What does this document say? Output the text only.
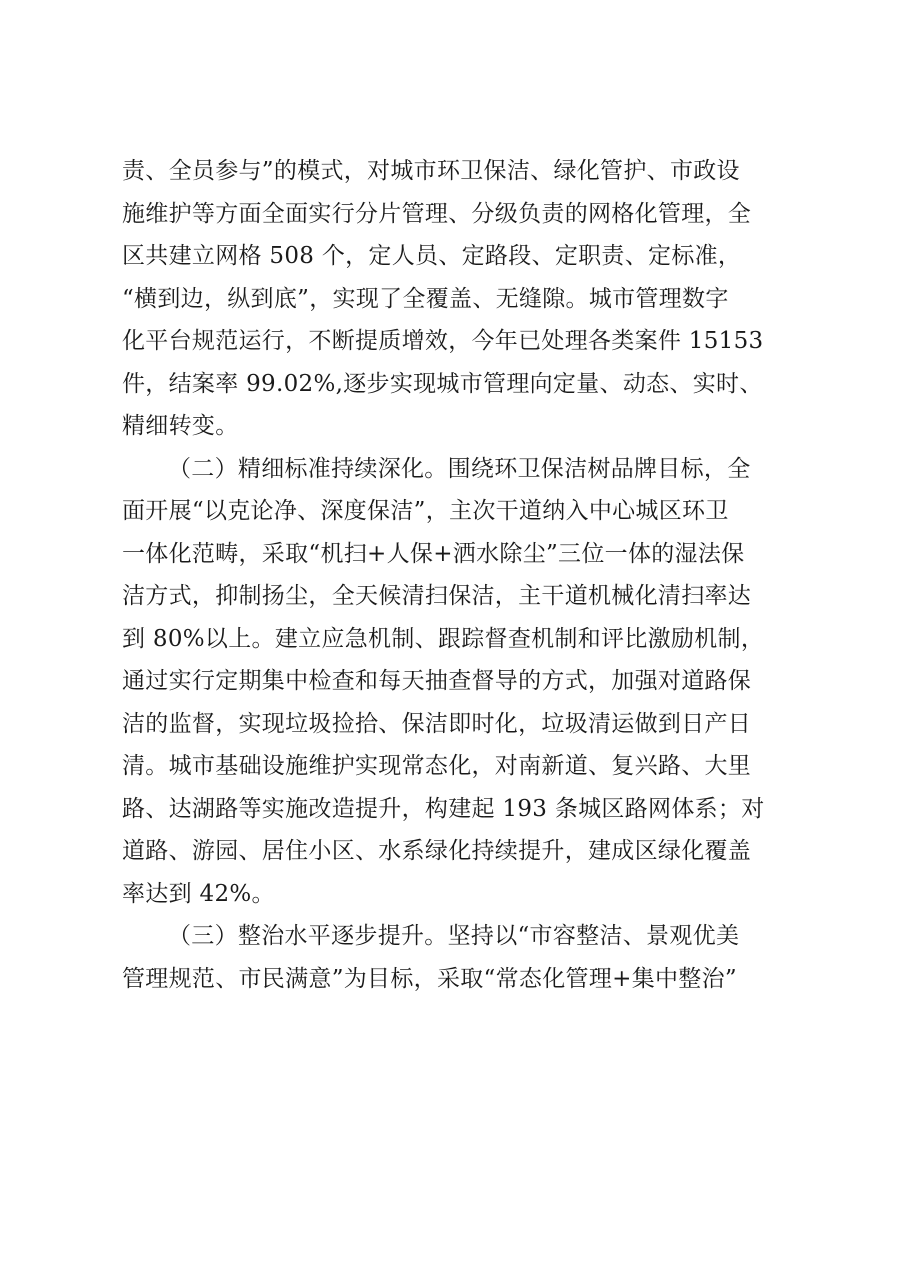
责、全员参与”的模式，对城市环卫保洁、绿化管护、市政设
施维护等方面全面实行分片管理、分级负责的网格化管理，全
区共建立网格 508 个，定人员、定路段、定职责、定标准，
“横到边，纵到底”，实现了全覆盖、无缝隙。城市管理数字
化平台规范运行，不断提质增效，今年已处理各类案件 15153
件，结案率 99.02%,逐步实现城市管理向定量、动态、实时、
精细转变。

（二）精细标准持续深化。围绕环卫保洁树品牌目标，全
面开展“以克论净、深度保洁”，主次干道纳入中心城区环卫
一体化范畴，采取“机扫+人保+洒水除尘”三位一体的湿法保
洁方式，抑制扬尘，全天候清扫保洁，主干道机械化清扫率达
到 80%以上。建立应急机制、跟踪督查机制和评比激励机制，
通过实行定期集中检查和每天抽查督导的方式，加强对道路保
洁的监督，实现垃圾捡拾、保洁即时化，垃圾清运做到日产日
清。城市基础设施维护实现常态化，对南新道、复兴路、大里
路、达湖路等实施改造提升，构建起 193 条城区路网体系；对
道路、游园、居住小区、水系绿化持续提升，建成区绿化覆盖
率达到 42%。

（三）整治水平逐步提升。坚持以“市容整洁、景观优美
管理规范、市民满意”为目标，采取“常态化管理+集中整治”
